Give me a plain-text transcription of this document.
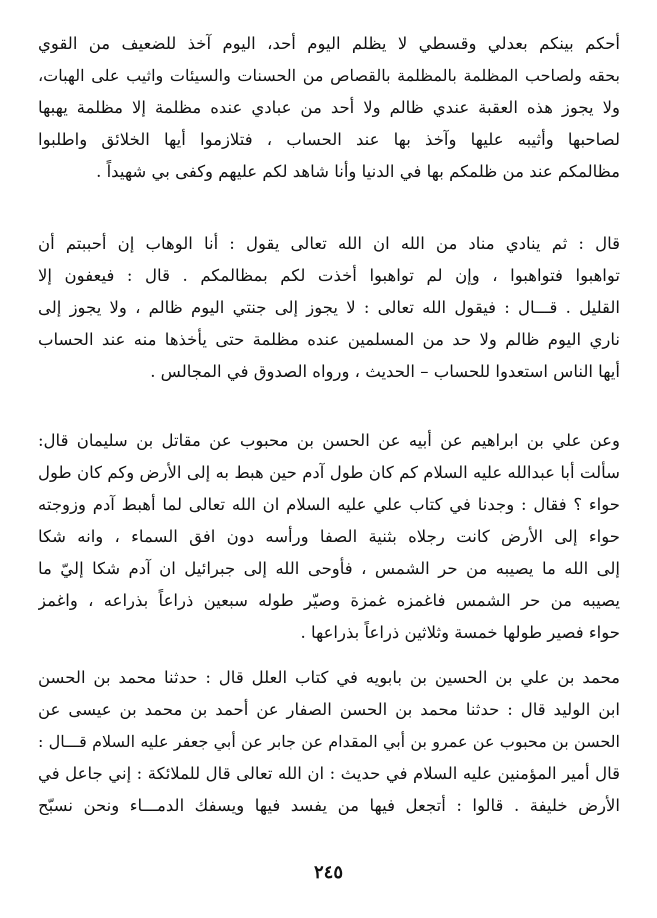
أحكم بينكم بعدلي وقسطي لا يظلم اليوم أحد، اليوم آخذ للضعيف من القوي
بحقه ولصاحب المظلمة بالمظلمة بالقصاص من الحسنات والسيئات واثيب على الهبات،
ولا يجوز هذه العقبة عندي ظالم ولا أحد من عبادي عنده مظلمة إلا مظلمة يهبها
لصاحبها وأثيبه عليها وآخذ بها عند الحساب ، فتلازموا أيها الخلائق واطلبوا
مظالمكم عند من ظلمكم بها في الدنيا وأنا شاهد لكم عليهم وكفى بي شهيداً .
قال : ثم ينادي مناد من الله ان الله تعالى يقول : أنا الوهاب إن أحببتم أن
تواهبوا فتواهبوا ، وإن لم تواهبوا أخذت لكم بمظالمكم . قال : فيعفون إلا
القليل . قـــال : فيقول الله تعالى : لا يجوز إلى جنتي اليوم ظالم ، ولا يجوز إلى
ناري اليوم ظالم ولا حد من المسلمين عنده مظلمة حتى يأخذها منه عند الحساب
أيها الناس استعدوا للحساب – الحديث ، ورواه الصدوق في المجالس .
وعن علي بن ابراهيم عن أبيه عن الحسن بن محبوب عن مقاتل بن سليمان قال:
سألت أبا عبدالله عليه السلام كم كان طول آدم حين هبط به إلى الأرض وكم كان طول
حواء ؟ فقال : وجدنا في كتاب علي عليه السلام ان الله تعالى لما أهبط آدم وزوجته
حواء إلى الأرض كانت رجلاه بثنية الصفا ورأسه دون افق السماء ، وانه شكا
إلى الله ما يصيبه من حر الشمس ، فأوحى الله إلى جبرائيل ان آدم شكا إليّ ما
يصيبه من حر الشمس فاغمزه غمزة وصيّر طوله سبعين ذراعاً بذراعه ، واغمز
حواء فصير طولها خمسة وثلاثين ذراعاً بذراعها .
محمد بن علي بن الحسين بن بابويه في كتاب العلل قال : حدثنا محمد بن الحسن
ابن الوليد قال : حدثنا محمد بن الحسن الصفار عن أحمد بن محمد بن عيسى عن
الحسن بن محبوب عن عمرو بن أبي المقدام عن جابر عن أبي جعفر عليه السلام قـــال :
قال أمير المؤمنين عليه السلام في حديث : ان الله تعالى قال للملائكة : إني جاعل في
الأرض خليفة . قالوا : أتجعل فيها من يفسد فيها ويسفك الدمـــاء ونحن نسبّح
٢٤٥
